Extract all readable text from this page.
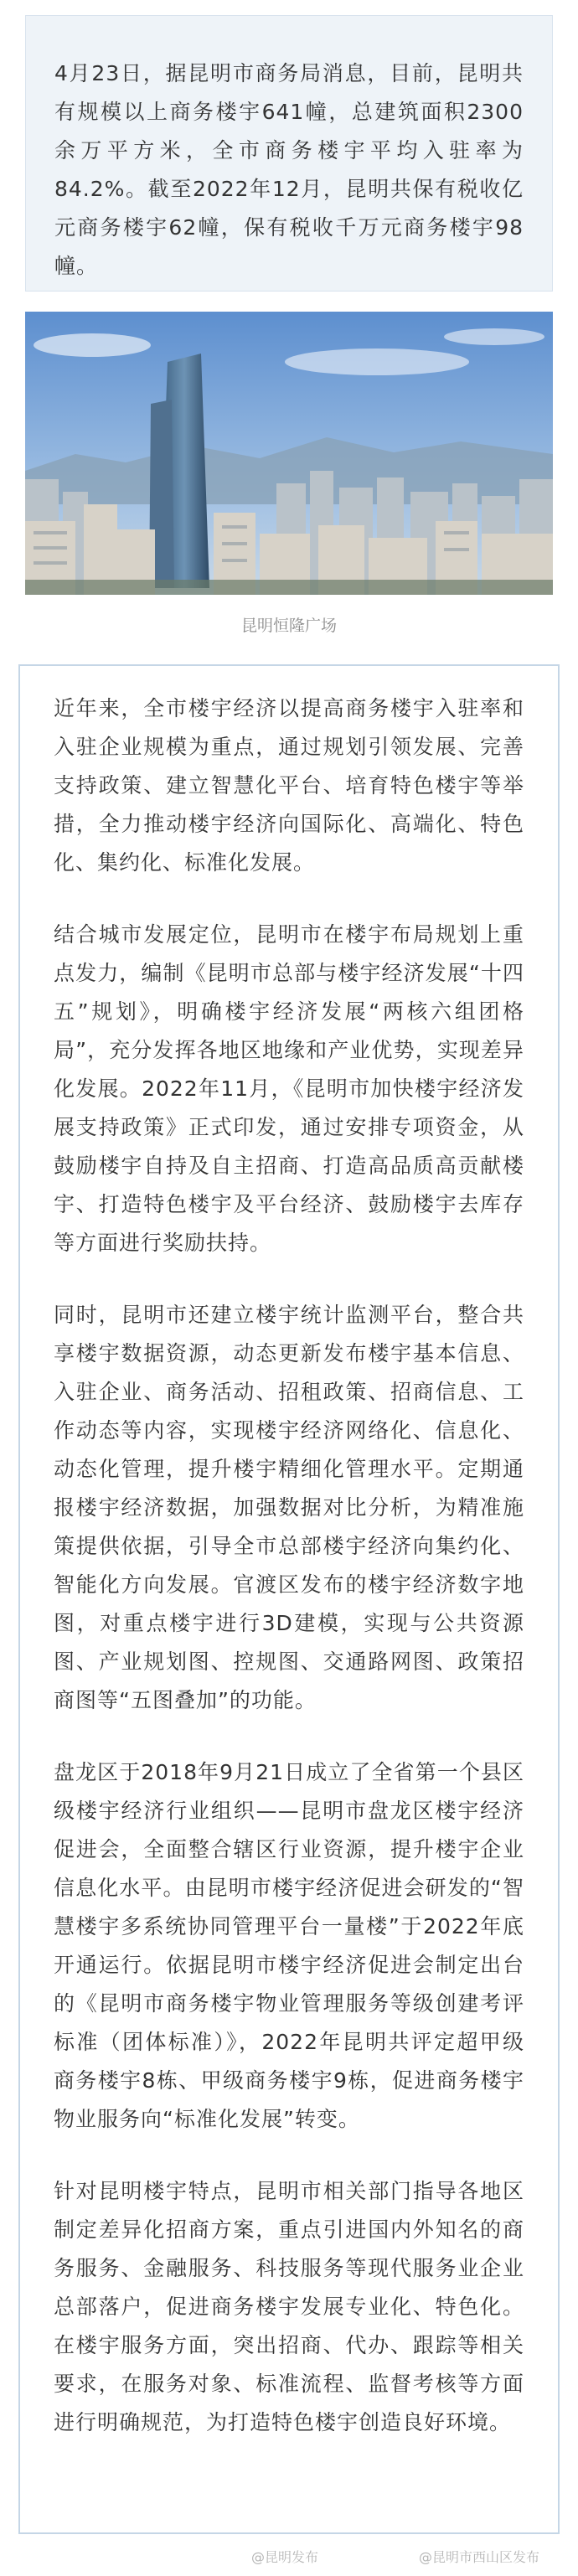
4月23日，据昆明市商务局消息，目前，昆明共有规模以上商务楼宇641幢，总建筑面积2300余万平方米，全市商务楼宇平均入驻率为84.2%。截至2022年12月，昆明共保有税收亿元商务楼宇62幢，保有税收千万元商务楼宇98幢。

昆明恒隆广场

近年来，全市楼宇经济以提高商务楼宇入驻率和入驻企业规模为重点，通过规划引领发展、完善支持政策、建立智慧化平台、培育特色楼宇等举措，全力推动楼宇经济向国际化、高端化、特色化、集约化、标准化发展。

结合城市发展定位，昆明市在楼宇布局规划上重点发力，编制《昆明市总部与楼宇经济发展“十四五”规划》，明确楼宇经济发展“两核六组团格局”，充分发挥各地区地缘和产业优势，实现差异化发展。2022年11月，《昆明市加快楼宇经济发展支持政策》正式印发，通过安排专项资金，从鼓励楼宇自持及自主招商、打造高品质高贡献楼宇、打造特色楼宇及平台经济、鼓励楼宇去库存等方面进行奖励扶持。

同时，昆明市还建立楼宇统计监测平台，整合共享楼宇数据资源，动态更新发布楼宇基本信息、入驻企业、商务活动、招租政策、招商信息、工作动态等内容，实现楼宇经济网络化、信息化、动态化管理，提升楼宇精细化管理水平。定期通报楼宇经济数据，加强数据对比分析，为精准施策提供依据，引导全市总部楼宇经济向集约化、智能化方向发展。官渡区发布的楼宇经济数字地图，对重点楼宇进行3D建模，实现与公共资源图、产业规划图、控规图、交通路网图、政策招商图等“五图叠加”的功能。

盘龙区于2018年9月21日成立了全省第一个县区级楼宇经济行业组织——昆明市盘龙区楼宇经济促进会，全面整合辖区行业资源，提升楼宇企业信息化水平。由昆明市楼宇经济促进会研发的“智慧楼宇多系统协同管理平台一量楼”于2022年底开通运行。依据昆明市楼宇经济促进会制定出台的《昆明市商务楼宇物业管理服务等级创建考评标准（团体标准）》，2022年昆明共评定超甲级商务楼宇8栋、甲级商务楼宇9栋，促进商务楼宇物业服务向“标准化发展”转变。

针对昆明楼宇特点，昆明市相关部门指导各地区制定差异化招商方案，重点引进国内外知名的商务服务、金融服务、科技服务等现代服务业企业总部落户，促进商务楼宇发展专业化、特色化。在楼宇服务方面，突出招商、代办、跟踪等相关要求，在服务对象、标准流程、监督考核等方面进行明确规范，为打造特色楼宇创造良好环境。

@昆明发布	@昆明市西山区发布
